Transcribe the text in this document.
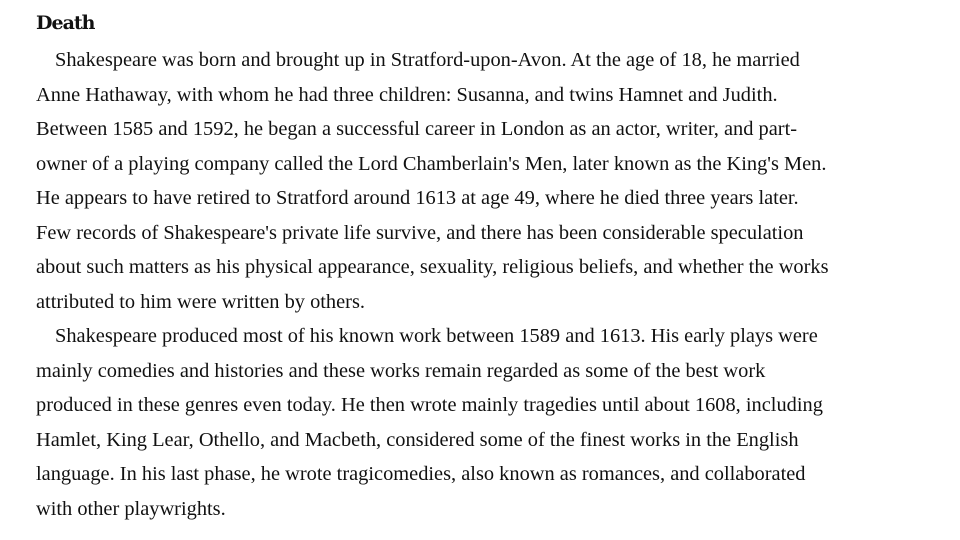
Death
Shakespeare was born and brought up in Stratford-upon-Avon. At the age of 18, he married
Anne Hathaway, with whom he had three children: Susanna, and twins Hamnet and Judith.
Between 1585 and 1592, he began a successful career in London as an actor, writer, and part-
owner of a playing company called the Lord Chamberlain's Men, later known as the King's Men.
He appears to have retired to Stratford around 1613 at age 49, where he died three years later.
Few records of Shakespeare's private life survive, and there has been considerable speculation
about such matters as his physical appearance, sexuality, religious beliefs, and whether the works
attributed to him were written by others.
Shakespeare produced most of his known work between 1589 and 1613. His early plays were
mainly comedies and histories and these works remain regarded as some of the best work
produced in these genres even today. He then wrote mainly tragedies until about 1608, including
Hamlet, King Lear, Othello, and Macbeth, considered some of the finest works in the English
language. In his last phase, he wrote tragicomedies, also known as romances, and collaborated
with other playwrights.
